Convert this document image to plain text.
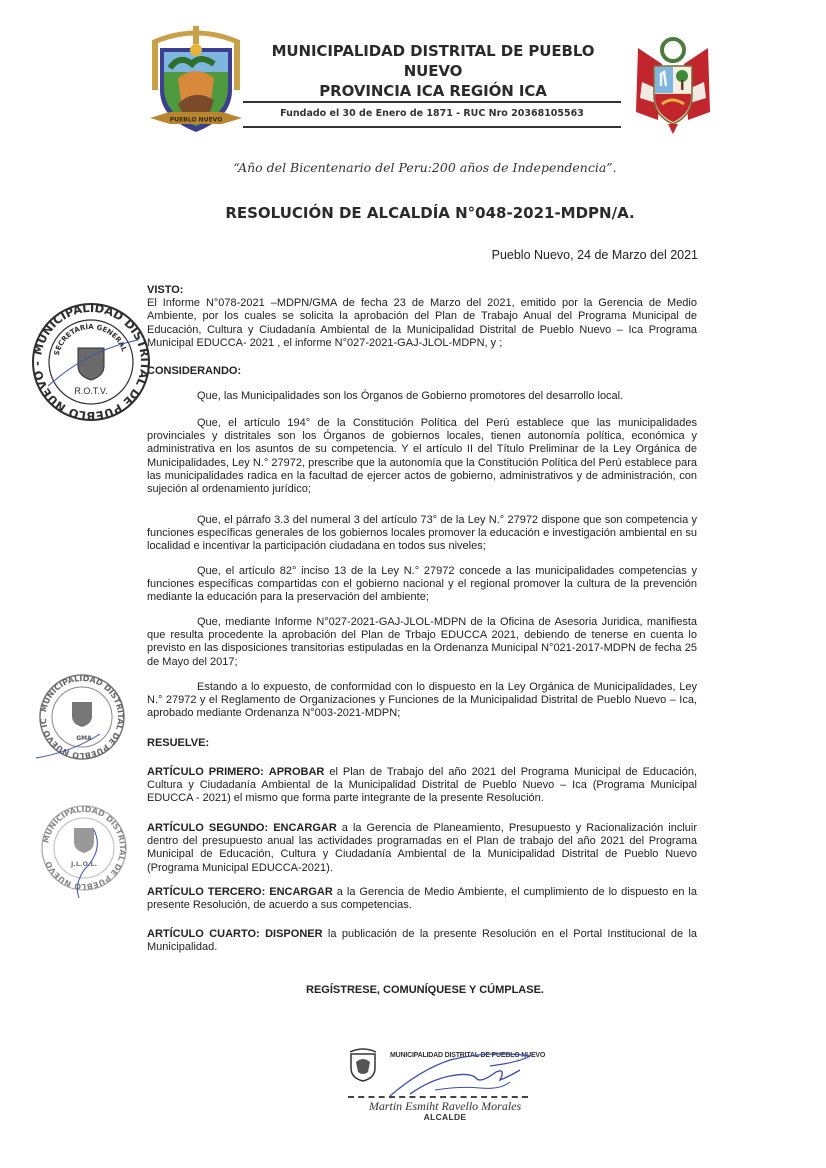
PUEBLO NUEVO
MUNICIPALIDAD DISTRITAL DE PUEBLO NUEVO
PROVINCIA ICA REGIÓN ICA
Fundado el 30 de Enero de 1871 - RUC Nro 20368105563
“Año del Bicentenario del Peru:200 años de Independencia”.
RESOLUCIÓN DE ALCALDÍA N°048-2021-MDPN/A.
Pueblo Nuevo, 24 de Marzo del 2021
VISTO:

El Informe N°078-2021 –MDPN/GMA de fecha 23 de Marzo del 2021, emitido por la Gerencia de Medio Ambiente, por los cuales se solicita la aprobación del Plan de Trabajo Anual del Programa Municipal de Educación, Cultura y Ciudadanía Ambiental de la Municipalidad Distrital de Pueblo Nuevo – Ica Programa Municipal EDUCCA- 2021 , el informe N°027-2021-GAJ-JLOL-MDPN, y ;

CONSIDERANDO:

Que, las Municipalidades son los Órganos de Gobierno promotores del desarrollo local.

Que, el artículo 194° de la Constitución Política del Perú establece que las municipalidades provinciales y distritales son los Órganos de gobiernos locales, tienen autonomía política, económica y administrativa en los asuntos de su competencia. Y el artículo II del Título Preliminar de la Ley Orgánica de Municipalidades, Ley N.° 27972, prescribe que la autonomía que la Constitución Política del Perú establece para las municipalidades radica en la facultad de ejercer actos de gobierno, administrativos y de administración, con sujeción al ordenamiento jurídico;

Que, el párrafo 3.3 del numeral 3 del artículo 73° de la Ley N.° 27972 dispone que son competencia y funciones específicas generales de los gobiernos locales promover la educación e investigación ambiental en su localidad e incentivar la participación ciudadana en todos sus niveles;

Que, el artículo 82° inciso 13 de la Ley N.° 27972 concede a las municipalidades competencias y funciones específicas compartidas con el gobierno nacional y el regional promover la cultura de la prevención mediante la educación para la preservación del ambiente;

Que, mediante Informe N°027-2021-GAJ-JLOL-MDPN de la Oficina de Asesoria Juridica, manifiesta que resulta procedente la aprobación del Plan de Trbajo EDUCCA 2021, debiendo de tenerse en cuenta lo previsto en las disposiciones transitorias estipuladas en la Ordenanza Municipal N°021-2017-MDPN de fecha 25 de Mayo del 2017;

Estando a lo expuesto, de conformidad con lo dispuesto en la Ley Orgánica de Municipalidades, Ley N.° 27972 y el Reglamento de Organizaciones y Funciones de la Municipalidad Distrital de Pueblo Nuevo – Ica, aprobado mediante Ordenanza N°003-2021-MDPN;

RESUELVE:

ARTÍCULO PRIMERO: APROBAR el Plan de Trabajo del año 2021 del Programa Municipal de Educación, Cultura y Ciudadanía Ambiental de la Municipalidad Distrital de Pueblo Nuevo – Ica (Programa Municipal EDUCCA - 2021) el mismo que forma parte integrante de la presente Resolución.

ARTÍCULO SEGUNDO: ENCARGAR a la Gerencia de Planeamiento, Presupuesto y Racionalización incluir dentro del presupuesto anual las actividades programadas en el Plan de trabajo del año 2021 del Programa Municipal de Educación, Cultura y Ciudadanía Ambiental de la Municipalidad Distrital de Pueblo Nuevo (Programa Municipal EDUCCA-2021).

ARTÍCULO TERCERO: ENCARGAR a la Gerencia de Medio Ambiente, el cumplimiento de lo dispuesto en la presente Resolución, de acuerdo a sus competencias.

ARTÍCULO CUARTO: DISPONER la publicación de la presente Resolución en el Portal Institucional de la Municipalidad.

REGÍSTRESE, COMUNÍQUESE Y CÚMPLASE.
MUNICIPALIDAD DISTRITAL DE PUEBLO NUEVO -
SECRETARÍA GENERAL
R.O.T.V.
MUNICIPALIDAD DISTRITAL DE PUEBLO NUEVO IC
GMA
MUNICIPALIDAD DISTRITAL DE PUEBLO NUEVO	J.L.O.L.
MUNICIPALIDAD DISTRITAL DE PUEBLO NUEVO
Martin Esmiht Ravello Morales
ALCALDE
